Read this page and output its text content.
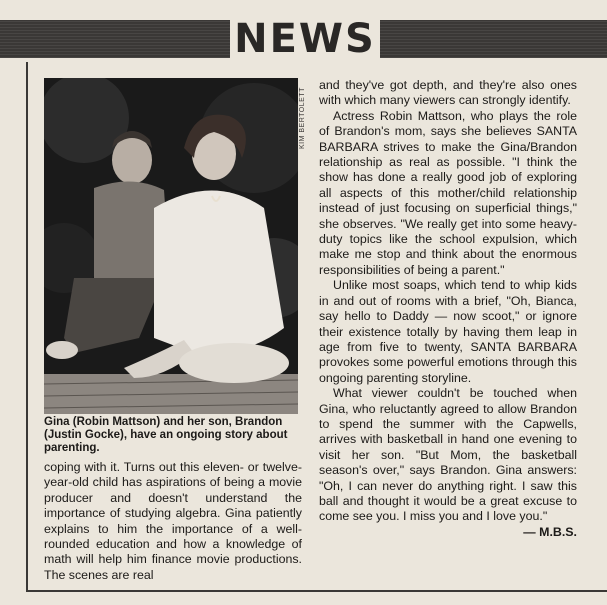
NEWS
KIM BERTOLETT
Gina (Robin Mattson) and her son, Brandon (Justin Gocke), have an ongoing story about parenting.

coping with it. Turns out this eleven- or twelve-year-old child has aspirations of being a movie producer and doesn't understand the importance of studying algebra. Gina patiently explains to him the importance of a well-rounded education and how a knowledge of math will help him finance movie productions. The scenes are real

and they've got depth, and they're also ones with which many viewers can strongly identify.

Actress Robin Mattson, who plays the role of Brandon's mom, says she believes SANTA BARBARA strives to make the Gina/Brandon relationship as real as possible. "I think the show has done a really good job of exploring all aspects of this mother/child relationship instead of just focusing on superficial things," she observes. "We really get into some heavy-duty topics like the school expulsion, which make me stop and think about the enormous responsibilities of being a parent."

Unlike most soaps, which tend to whip kids in and out of rooms with a brief, "Oh, Bianca, say hello to Daddy — now scoot," or ignore their existence totally by having them leap in age from five to twenty, SANTA BARBARA provokes some powerful emotions through this ongoing parenting storyline.

What viewer couldn't be touched when Gina, who reluctantly agreed to allow Brandon to spend the summer with the Capwells, arrives with basketball in hand one evening to visit her son. "But Mom, the basketball season's over," says Brandon. Gina answers: "Oh, I can never do anything right. I saw this ball and thought it would be a great excuse to come see you. I miss you and I love you."
— M.B.S.
